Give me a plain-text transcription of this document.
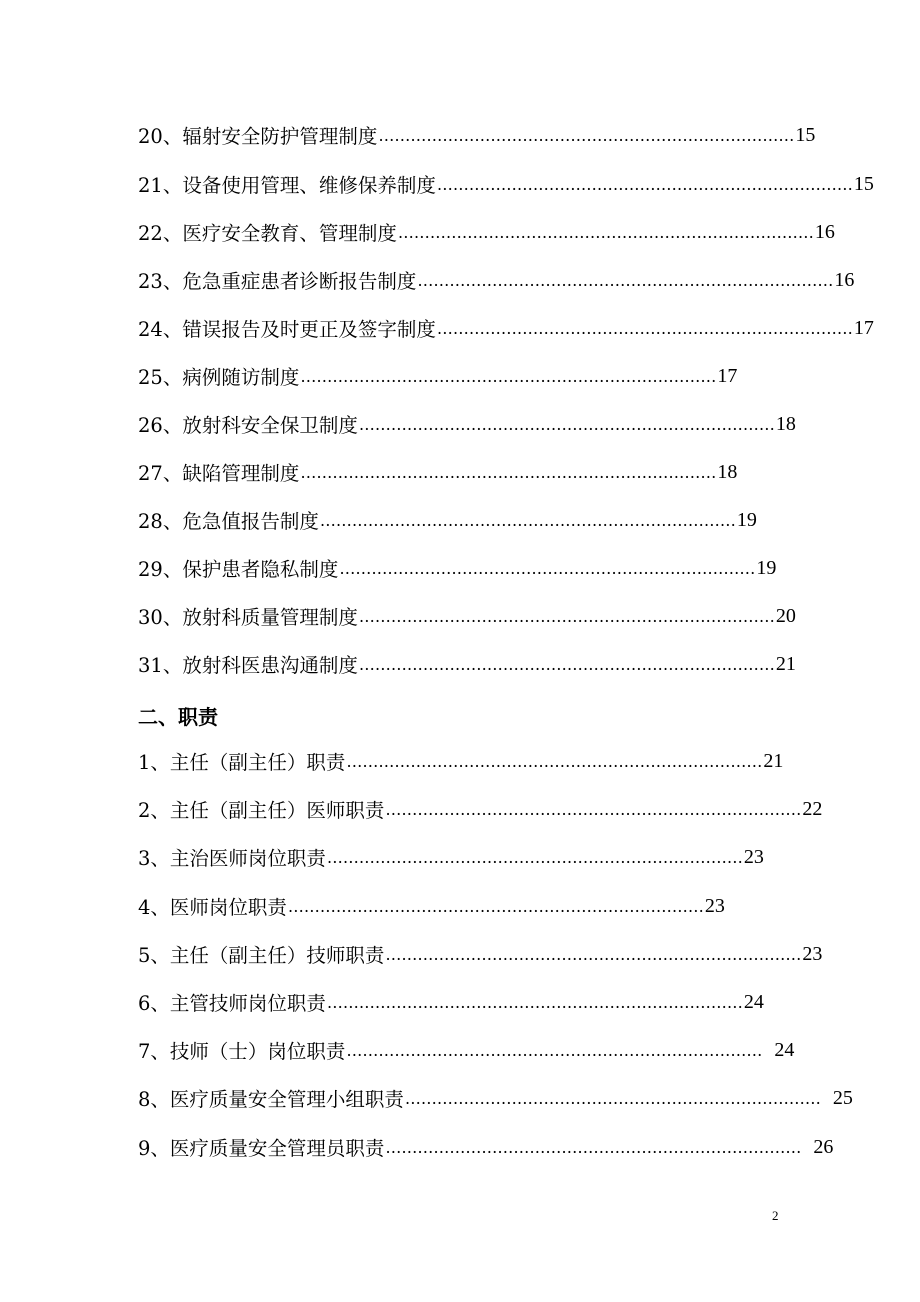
20、辐射安全防护管理制度 …………………………………………………………………… 15
21、设备使用管理、维修保养制度 …………………………………………………………………… 15
22、医疗安全教育、管理制度 …………………………………………………………………… 16
23、危急重症患者诊断报告制度 …………………………………………………………………… 16
24、错误报告及时更正及签字制度 …………………………………………………………………… 17
25、病例随访制度 …………………………………………………………………… 17
26、放射科安全保卫制度 …………………………………………………………………… 18
27、缺陷管理制度 …………………………………………………………………… 18
28、危急值报告制度 …………………………………………………………………… 19
29、保护患者隐私制度 …………………………………………………………………… 19
30、放射科质量管理制度 …………………………………………………………………… 20
31、放射科医患沟通制度 …………………………………………………………………… 21
二、职责
1、主任（副主任）职责 …………………………………………………………………… 21
2、主任（副主任）医师职责 …………………………………………………………………… 22
3、主治医师岗位职责 …………………………………………………………………… 23
4、医师岗位职责 …………………………………………………………………… 23
5、主任（副主任）技师职责 …………………………………………………………………… 23
6、主管技师岗位职责 …………………………………………………………………… 24
7、技师（士）岗位职责 …………………………………………………………………… 24
8、医疗质量安全管理小组职责 …………………………………………………………………… 25
9、医疗质量安全管理员职责 …………………………………………………………………… 26
2
